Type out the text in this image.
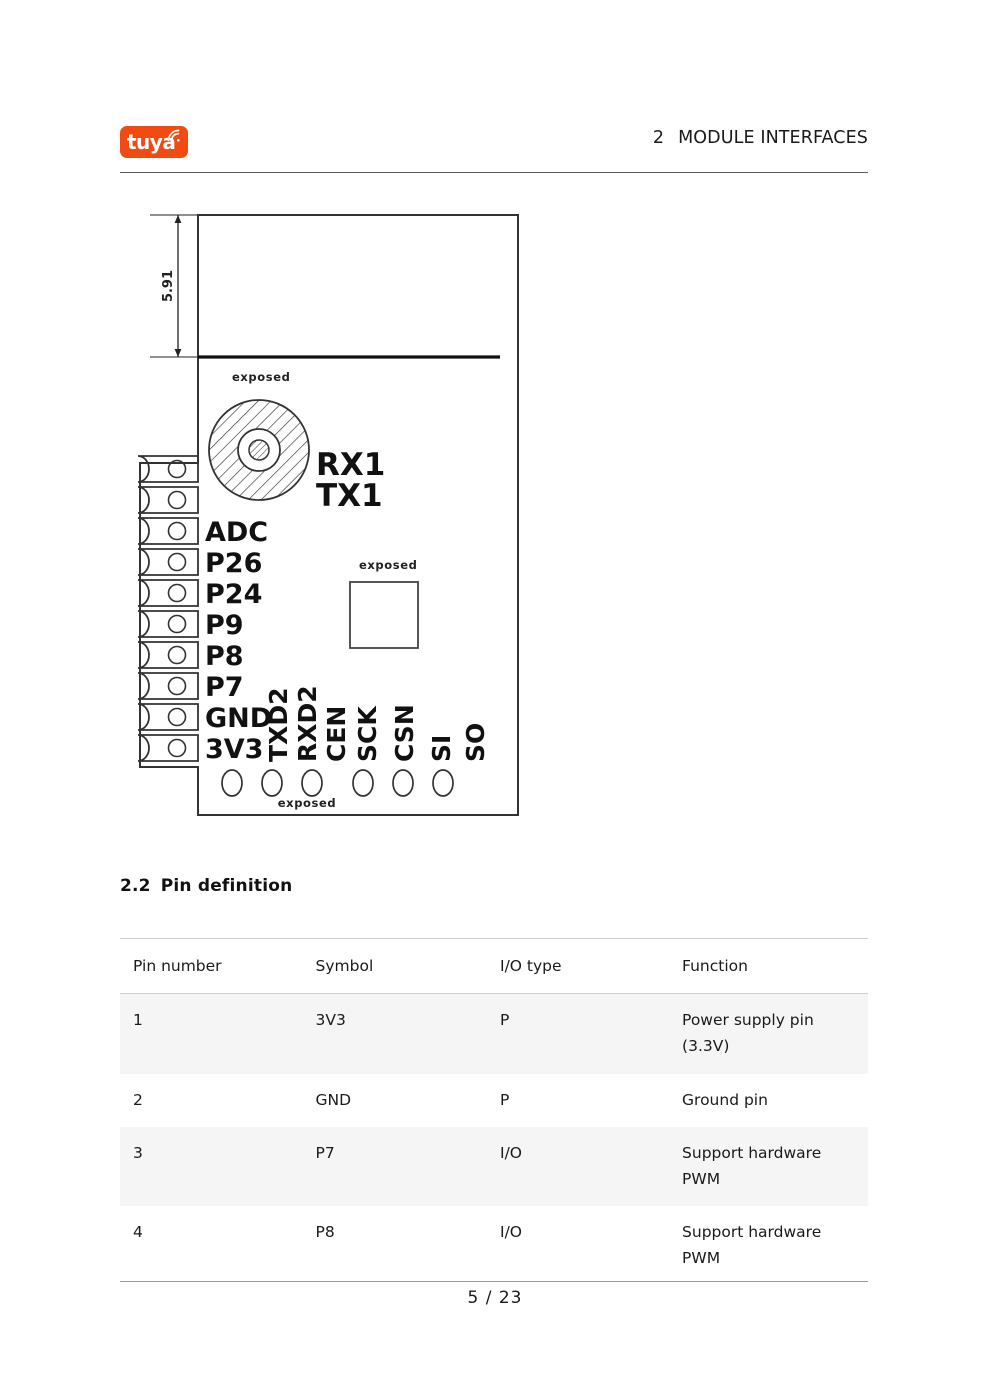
tuya	2 MODULE INTERFACES
5.91
exposed
RX1
TX1
exposed
ADC
P26
P24
P9
P8
P7
GND
3V3 TXD2 RXD2 CEN SCK CSN SI SO
exposed
2.2 Pin definition
Pin number	Symbol	I/O type	Function
1	3V3	P	Power supply pin (3.3V)
2	GND	P	Ground pin
3	P7	I/O	Support hardware PWM
4	P8	I/O	Support hardware PWM
5 / 23
